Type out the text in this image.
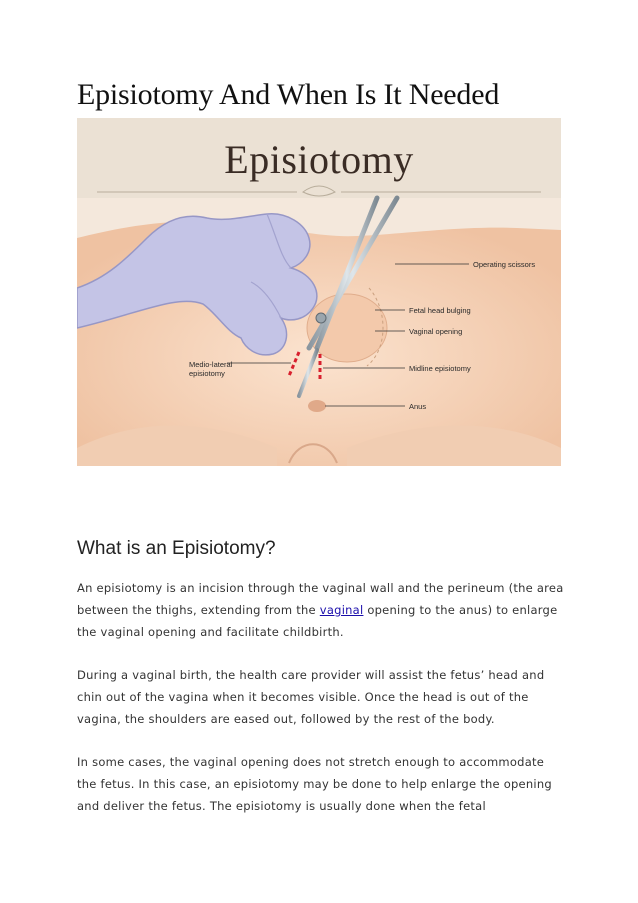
Episiotomy And When Is It Needed
Episiotomy
Operating scissors
Fetal head bulging
Vaginal opening
Medio-lateral
episiotomy
Midline episiotomy
Anus
What is an Episiotomy?

An episiotomy is an incision through the vaginal wall and the perineum (the area between the thighs, extending from the vaginal opening to the anus) to enlarge the vaginal opening and facilitate childbirth.

During a vaginal birth, the health care provider will assist the fetus’ head and chin out of the vagina when it becomes visible. Once the head is out of the vagina, the shoulders are eased out, followed by the rest of the body.

In some cases, the vaginal opening does not stretch enough to accommodate the fetus. In this case, an episiotomy may be done to help enlarge the opening and deliver the fetus. The episiotomy is usually done when the fetal
